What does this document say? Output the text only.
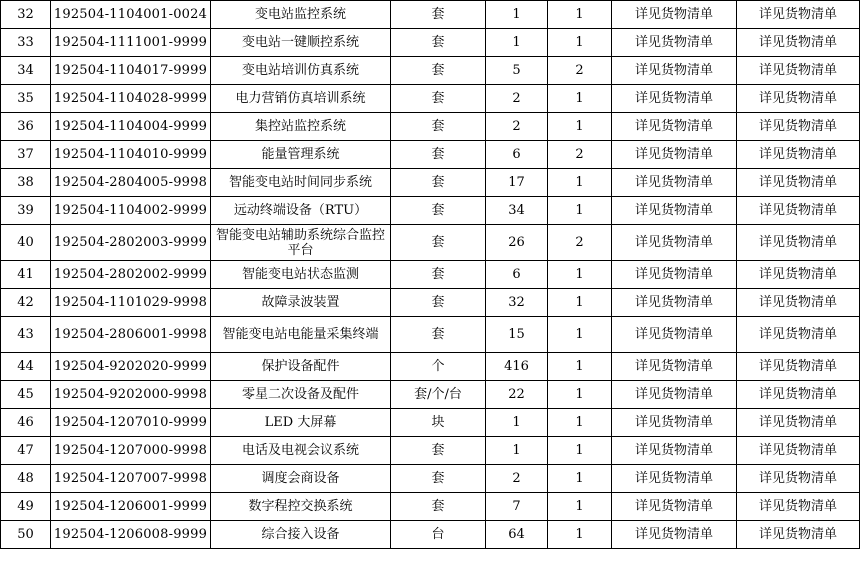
32	192504-1104001-0024	变电站监控系统	套	1	1	详见货物清单	详见货物清单
33	192504-1111001-9999	变电站一键顺控系统	套	1	1	详见货物清单	详见货物清单
34	192504-1104017-9999	变电站培训仿真系统	套	5	2	详见货物清单	详见货物清单
35	192504-1104028-9999	电力营销仿真培训系统	套	2	1	详见货物清单	详见货物清单
36	192504-1104004-9999	集控站监控系统	套	2	1	详见货物清单	详见货物清单
37	192504-1104010-9999	能量管理系统	套	6	2	详见货物清单	详见货物清单
38	192504-2804005-9998	智能变电站时间同步系统	套	17	1	详见货物清单	详见货物清单
39	192504-1104002-9999	远动终端设备（RTU）	套	34	1	详见货物清单	详见货物清单
40	192504-2802003-9999	智能变电站辅助系统综合监控平台	套	26	2	详见货物清单	详见货物清单
41	192504-2802002-9999	智能变电站状态监测	套	6	1	详见货物清单	详见货物清单
42	192504-1101029-9998	故障录波装置	套	32	1	详见货物清单	详见货物清单
43	192504-2806001-9998	智能变电站电能量采集终端	套	15	1	详见货物清单	详见货物清单
44	192504-9202020-9999	保护设备配件	个	416	1	详见货物清单	详见货物清单
45	192504-9202000-9998	零星二次设备及配件	套/个/台	22	1	详见货物清单	详见货物清单
46	192504-1207010-9999	LED 大屏幕	块	1	1	详见货物清单	详见货物清单
47	192504-1207000-9998	电话及电视会议系统	套	1	1	详见货物清单	详见货物清单
48	192504-1207007-9998	调度会商设备	套	2	1	详见货物清单	详见货物清单
49	192504-1206001-9999	数字程控交换系统	套	7	1	详见货物清单	详见货物清单
50	192504-1206008-9999	综合接入设备	台	64	1	详见货物清单	详见货物清单
